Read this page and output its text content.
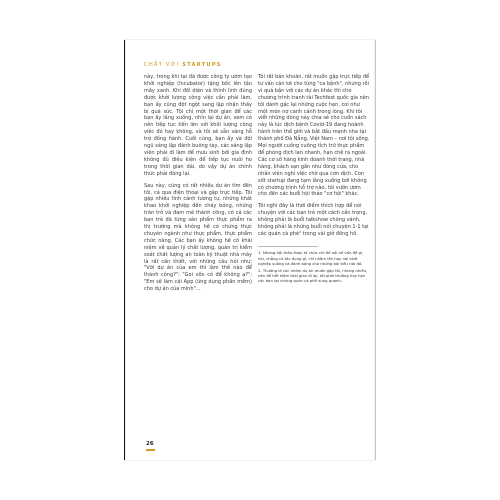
CHẤT VỚI STARTUPS

này, trong khi tại đã được công ty ươm tạo khởi nghiệp (Incubator) tặng bốc lên tận mây xanh. Khi đối diện và thình lình đúng được khởi lượng công việc cần phải làm, bạn ấy cũng đột ngột sang lập nhận thấy bị quá sức. Tôi chỉ một thời gian để các bạn ấy lắng xuống, nhìn lại dự án, xem có nên tiếp tục tiến lên với khối lượng công việc đó hay không, và tôi sẽ sẵn sàng hỗ trợ đồng hành. Cuối cùng, bạn ấy và đội ngũ sáng lập đành buông tay, các sáng lập viên phải đi làm để mưu sinh bởi gia đình không đủ điều kiện để tiếp tục nuôi họ trong thời gian dài, do vậy dự án chính thức phải đóng lại.

Sau này, cũng có rất nhiều dự án tìm đến tôi, cả qua điện thoại và gặp trực tiếp. Tôi gặp nhiều tình cảnh tương tự, những khát khao khởi nghiệp đến cháy bỏng, những trăn trở và đam mê thành công, có cả các bạn trẻ đã từng sản phẩm thực phẩm ra thị trường mà không hề có chứng thực chuyên ngành như thực phẩm, thực phẩm chức năng. Các bạn ấy không hề có khái niệm về quản lý chất lượng, quản trị kiểm soát chất lượng an toàn kỹ thuật nhà máy là rất cần thiết, với những câu hỏi như: "Với dự án của em thì làm thế nào để thành công?"; "Gọi vốn có để không ạ?"; "Em sẽ làm cái App (ứng dụng phần mềm) cho dự án của mình"...

Tôi rất băn khoăn, rất muốn gặp trực tiếp để tư vấn cặn kẽ cho từng "ca bệnh", nhưng rồi vì quá bận với các dự án khác thì cho chương trình tranh tài Techfest quốc gia nên tôi dành gặc lại những cuộc hẹn, coi như một món nợ canh cánh trong lòng. Khi tôi viết những dòng này chia sẻ cho cuốn sách này là lúc dịch bệnh Covid-19 đang hoành hành trên thế giới và bắt đầu mạnh nha tại thành phố Đà Nẵng, Việt Nam – nơi tôi sống. Mọi người cuống cuồng tích trữ thực phẩm để phòng dịch lan nhanh, hạn chế ra ngoài. Các cơ sở hàng kinh doanh thời trang, nhà hàng, khách sạn gần như đóng cửa, cho nhân viên nghỉ việc chờ qua cơn dịch. Con sốt startup đang tạm lắng xuống bởi không có chương trình hỗ trợ nào, tôi vườn ươm cho đến các buổi hội thảo "cơ hội" khác.

Tôi nghĩ đây là thời điểm thích hợp để nói chuyện với các bạn trẻ một cách cần trọng, không phải là buổi talkshow chóng vánh, không phải là những buổi nói chuyện 1-1 tại các quán cà phê² trong vài giờ đồng hồ.

1. Những hội thảo được tổ chức chỉ để nói về vấn đề gì, nói, chẳng có tác dụng gì, chỉ nhằm lên hay nói khởi nghiệp suông và đánh bóng cho những bài tiếu rửa đó.
2. Thường là các nhóm dự án muốn gặp tôi, nhưng nhiều, nên để tiết kiệm thời gian đi lại, tôi phải thường hay hẹn các bạn tại những quán cà phê xung quanh.
26
